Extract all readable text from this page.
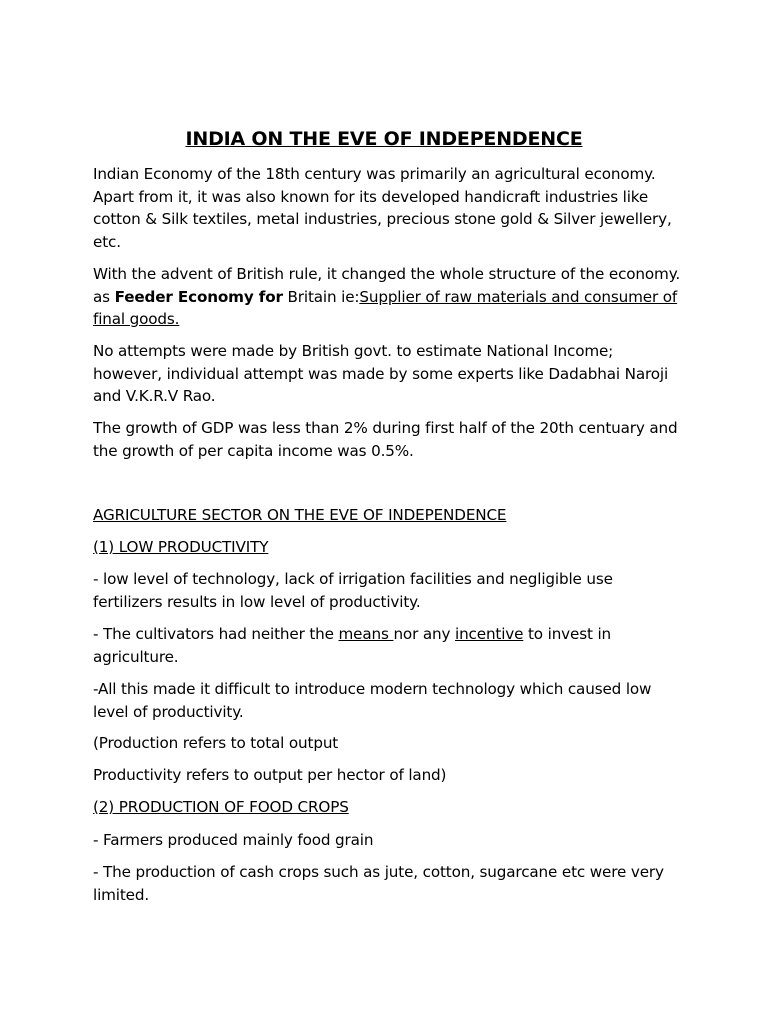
INDIA ON THE EVE OF INDEPENDENCE

Indian Economy of the 18th century was primarily an agricultural economy. Apart from it, it was also known for its developed handicraft industries like cotton & Silk textiles, metal industries, precious stone gold & Silver jewellery, etc.

With the advent of British rule, it changed the whole structure of the economy. as Feeder Economy for Britain ie:Supplier of raw materials and consumer of final goods.

No attempts were made by British govt. to estimate National Income; however, individual attempt was made by some experts like Dadabhai Naroji and V.K.R.V Rao.

The growth of GDP was less than 2% during first half of the 20th centuary and the growth of per capita income was 0.5%.

AGRICULTURE SECTOR ON THE EVE OF INDEPENDENCE

(1) LOW PRODUCTIVITY

- low level of technology, lack of irrigation facilities and negligible use fertilizers results in low level of productivity.

- The cultivators had neither the means nor any incentive to invest in agriculture.

-All this made it difficult to introduce modern technology which caused low level of productivity.

(Production refers to total output

Productivity refers to output per hector of land)

(2) PRODUCTION OF FOOD CROPS

- Farmers produced mainly food grain

- The production of cash crops such as jute, cotton, sugarcane etc were very limited.
